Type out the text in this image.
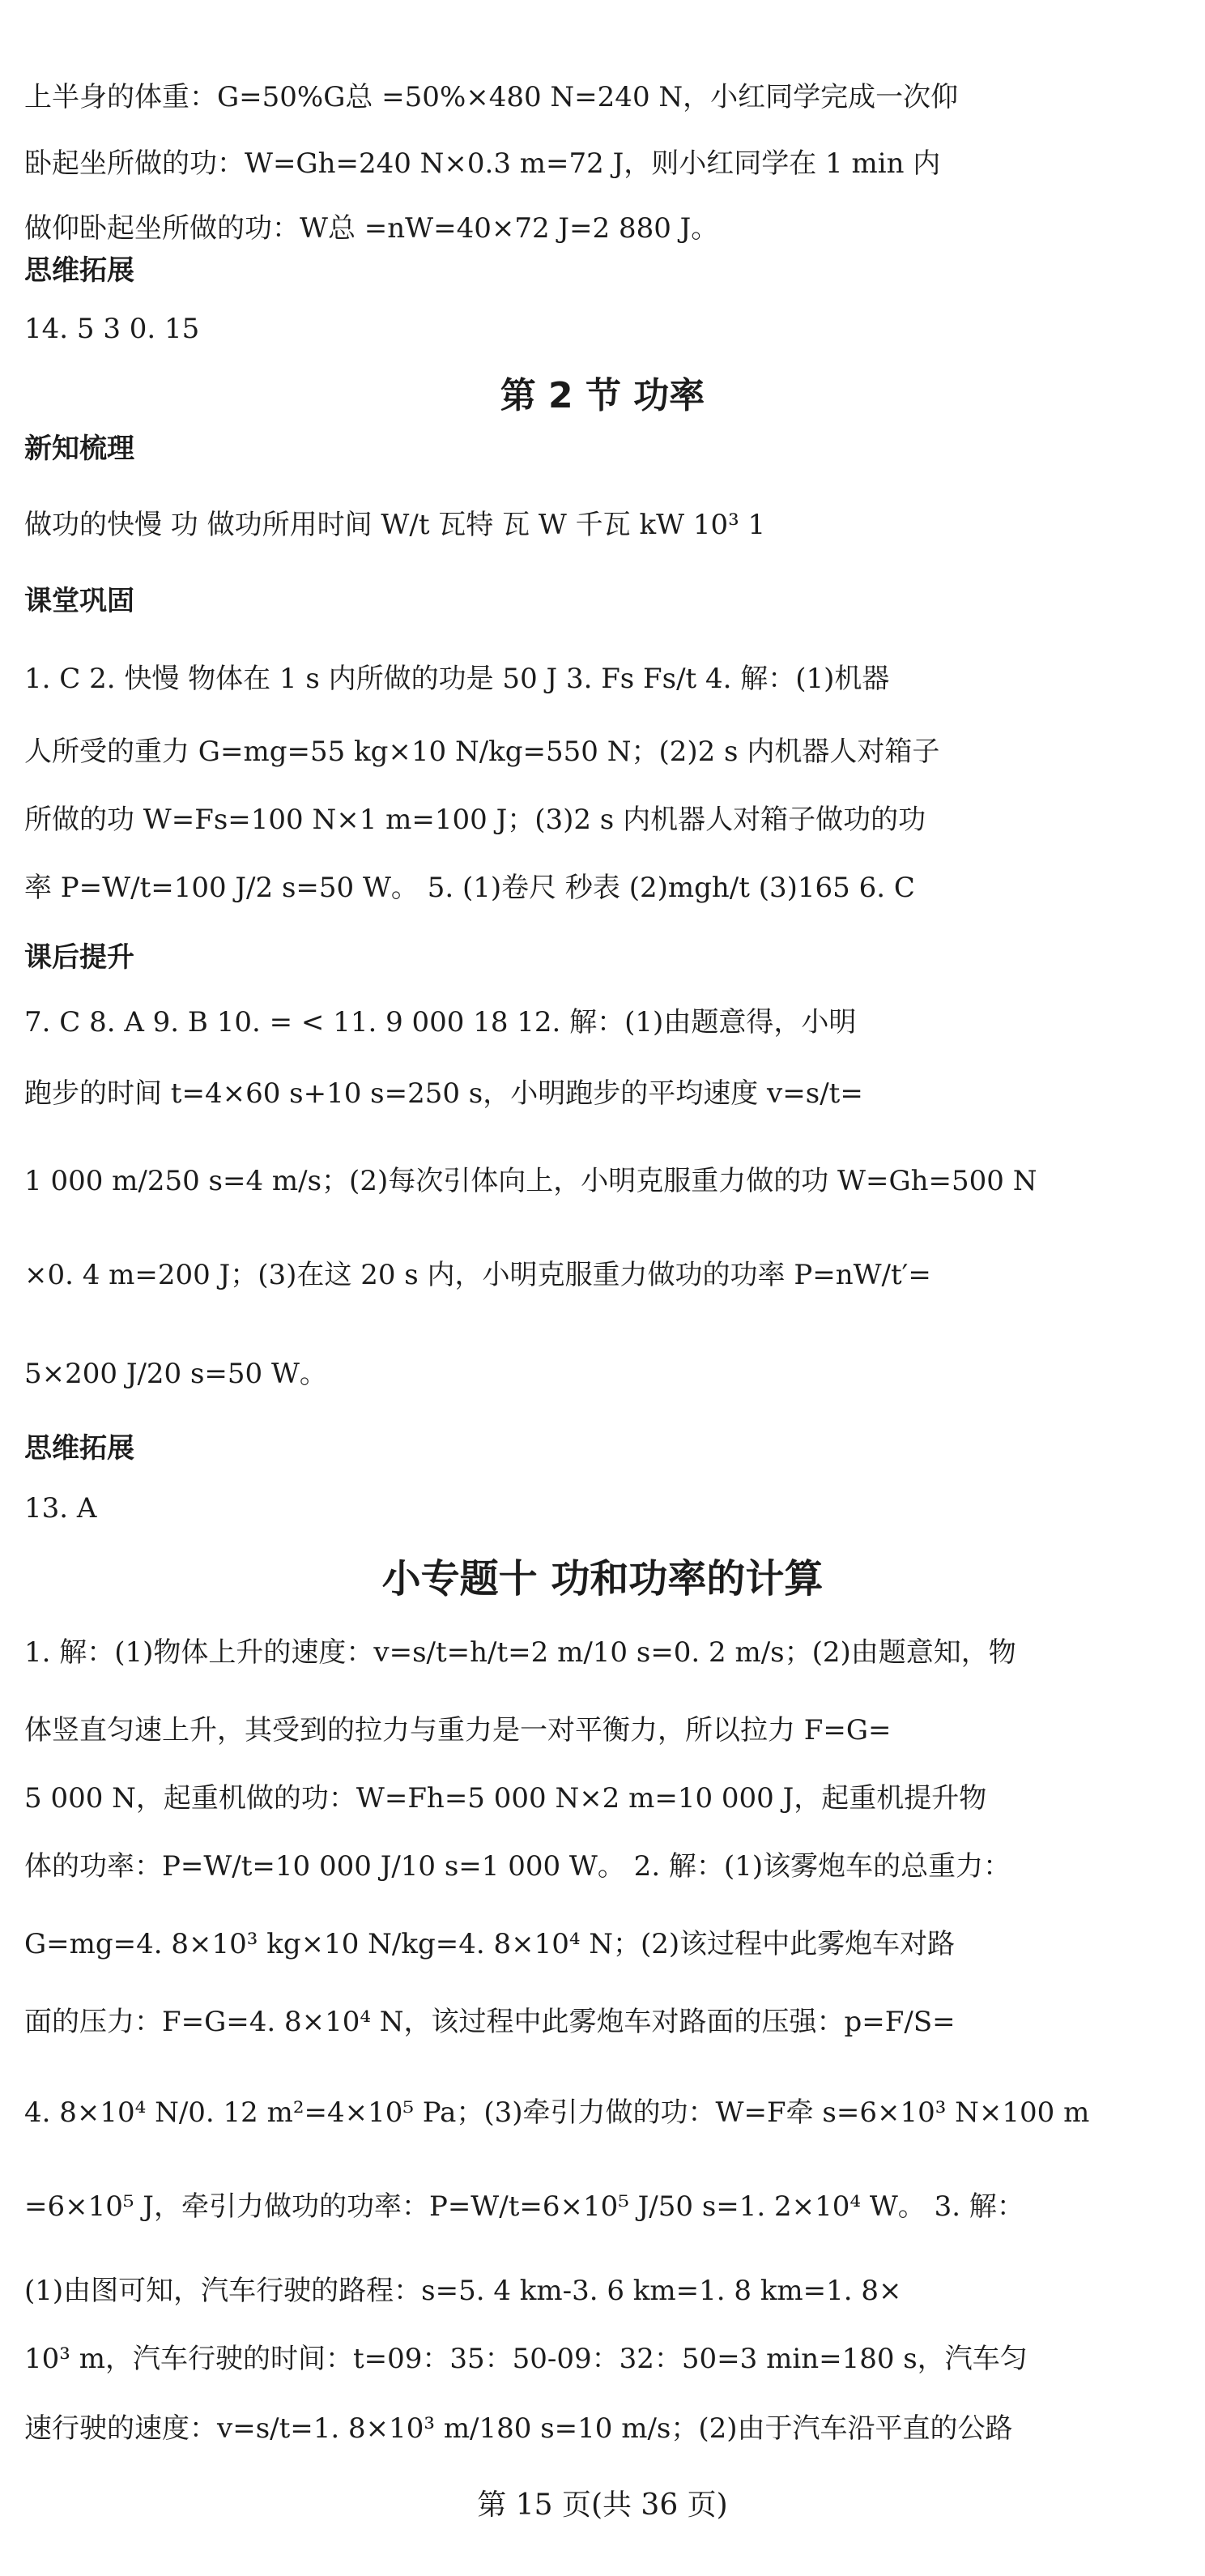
上半身的体重：G=50%G总 =50%×480 N=240 N，小红同学完成一次仰
卧起坐所做的功：W=Gh=240 N×0.3 m=72 J，则小红同学在 1 min 内
做仰卧起坐所做的功：W总 =nW=40×72 J=2 880 J。
思维拓展
14. 5 3 0. 15
第 2 节 功率
新知梳理
做功的快慢 功 做功所用时间 W/t 瓦特 瓦 W 千瓦 kW 10³ 1
课堂巩固
1. C 2. 快慢 物体在 1 s 内所做的功是 50 J 3. Fs Fs/t 4. 解：(1)机器
人所受的重力 G=mg=55 kg×10 N/kg=550 N；(2)2 s 内机器人对箱子
所做的功 W=Fs=100 N×1 m=100 J；(3)2 s 内机器人对箱子做功的功
率 P=W/t=100 J/2 s=50 W。 5. (1)卷尺 秒表 (2)mgh/t (3)165 6. C
课后提升
7. C 8. A 9. B 10. = < 11. 9 000 18 12. 解：(1)由题意得，小明
跑步的时间 t=4×60 s+10 s=250 s，小明跑步的平均速度 v=s/t=
1 000 m/250 s=4 m/s；(2)每次引体向上，小明克服重力做的功 W=Gh=500 N
×0. 4 m=200 J；(3)在这 20 s 内，小明克服重力做功的功率 P=nW/t′=
5×200 J/20 s=50 W。
思维拓展
13. A
小专题十 功和功率的计算
1. 解：(1)物体上升的速度：v=s/t=h/t=2 m/10 s=0. 2 m/s；(2)由题意知，物
体竖直匀速上升，其受到的拉力与重力是一对平衡力，所以拉力 F=G=
5 000 N，起重机做的功：W=Fh=5 000 N×2 m=10 000 J，起重机提升物
体的功率：P=W/t=10 000 J/10 s=1 000 W。 2. 解：(1)该雾炮车的总重力：
G=mg=4. 8×10³ kg×10 N/kg=4. 8×10⁴ N；(2)该过程中此雾炮车对路
面的压力：F=G=4. 8×10⁴ N，该过程中此雾炮车对路面的压强：p=F/S=
4. 8×10⁴ N/0. 12 m²=4×10⁵ Pa；(3)牵引力做的功：W=F牵 s=6×10³ N×100 m
=6×10⁵ J，牵引力做功的功率：P=W/t=6×10⁵ J/50 s=1. 2×10⁴ W。 3. 解：
(1)由图可知，汽车行驶的路程：s=5. 4 km-3. 6 km=1. 8 km=1. 8×
10³ m，汽车行驶的时间：t=09：35：50-09：32：50=3 min=180 s，汽车匀
速行驶的速度：v=s/t=1. 8×10³ m/180 s=10 m/s；(2)由于汽车沿平直的公路
第 15 页(共 36 页)
